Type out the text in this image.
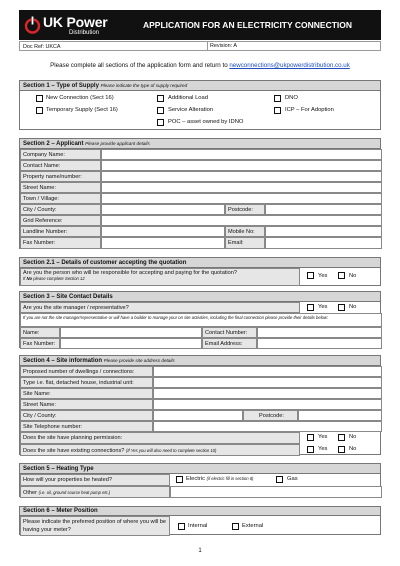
UK Power
Distribution
APPLICATION FOR AN ELECTRICITY CONNECTION
Doc Ref: UKCA	Revision: A
Please complete all sections of the application form and return to newconnections@ukpowerdistribution.co.uk
Section 1 – Type of Supply Please indicate the type of supply required
New Connection (Sect 16)	Additional Load	DNO
Temporary Supply (Sect 16)	Service Alteration	ICP – For Adoption
POC – asset owned by IDNO
Section 2 – Applicant Please provide applicant details
Company Name:
Contact Name:
Property name/number:
Street Name:
Town / Village:
City / County:	Postcode:
Grid Reference:
Landline Number:	Mobile No:
Fax Number:	Email:
Section 2.1 – Details of customer accepting the quotation
Are you the person who will be responsible for accepting and paying for the quotation?
If No please complete Section 12	Yes	No
Section 3 – Site Contact Details
Are you the site manager / representative?	Yes	No
If you are not the site manager/representative or will have a builder to manage your on site activities, including the final connection please provide their details below:
Name:	Contact Number:
Fax Number:	Email Address:
Section 4 – Site information Please provide site address details
Proposed number of dwellings / connections:
Type i.e. flat, detached house, industrial unit:
Site Name:
Street Name:
City / County:	Postcode:
Site Telephone number:
Does the site have planning permission:	Yes	No
Does the site have existing connections? (If Yes you will also need to complete section 10)	Yes	No
Section 5 – Heating Type
How will your properties be heated?	Electric (if electric fill in section 8)	Gas
Other (i.e. oil, ground source heat pump etc.)
Section 6 – Meter Position
Please indicate the preferred position of where you will be having your meter?
Internal	External
1
